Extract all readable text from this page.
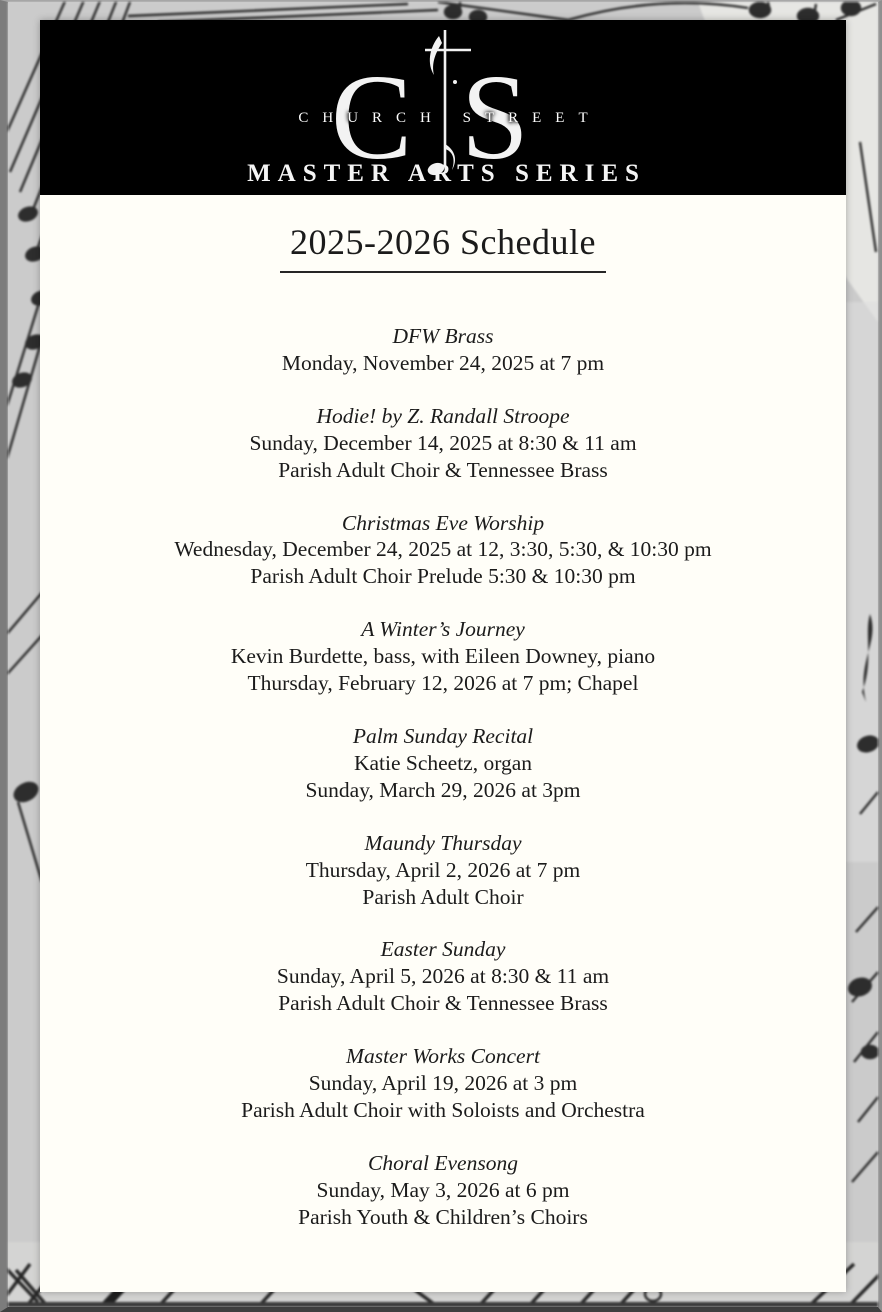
C S
CHURCH STREET
MASTER ARTS SERIES
2025-2026 Schedule
DFW Brass
Monday, November 24, 2025 at 7 pm
Hodie! by Z. Randall Stroope
Sunday, December 14, 2025 at 8:30 & 11 am
Parish Adult Choir & Tennessee Brass
Christmas Eve Worship
Wednesday, December 24, 2025 at 12, 3:30, 5:30, & 10:30 pm
Parish Adult Choir Prelude 5:30 & 10:30 pm
A Winter’s Journey
Kevin Burdette, bass, with Eileen Downey, piano
Thursday, February 12, 2026 at 7 pm; Chapel
Palm Sunday Recital
Katie Scheetz, organ
Sunday, March 29, 2026 at 3pm
Maundy Thursday
Thursday, April 2, 2026 at 7 pm
Parish Adult Choir
Easter Sunday
Sunday, April 5, 2026 at 8:30 & 11 am
Parish Adult Choir & Tennessee Brass
Master Works Concert
Sunday, April 19, 2026 at 3 pm
Parish Adult Choir with Soloists and Orchestra
Choral Evensong
Sunday, May 3, 2026 at 6 pm
Parish Youth & Children’s Choirs
